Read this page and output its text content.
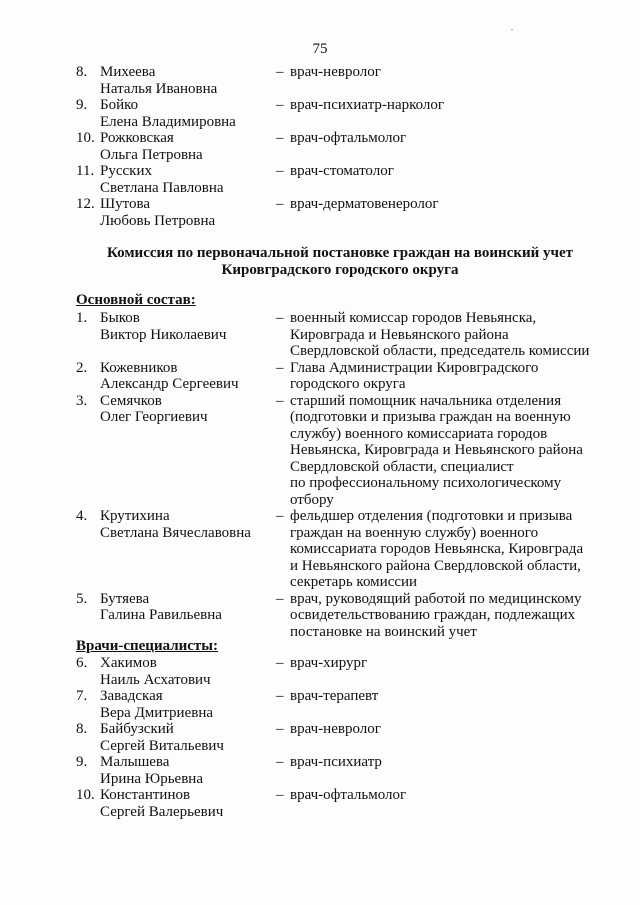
75
8. Михеева
Наталья Ивановна
– врач-невролог
9. Бойко
Елена Владимировна
– врач-психиатр-нарколог
10. Рожковская
Ольга Петровна
– врач-офтальмолог
11. Русских
Светлана Павловна
– врач-стоматолог
12. Шутова
Любовь Петровна
– врач-дерматовенеролог
Комиссия по первоначальной постановке граждан на воинский учет
Кировградского городского округа
Основной состав:
1. Быков
Виктор Николаевич
– военный комиссар городов Невьянска,
Кировграда и Невьянского района
Свердловской области, председатель комиссии
2. Кожевников
Александр Сергеевич
– Глава Администрации Кировградского
городского округа
3. Семячков
Олег Георгиевич
– старший помощник начальника отделения
(подготовки и призыва граждан на военную
службу) военного комиссариата городов
Невьянска, Кировграда и Невьянского района
Свердловской области, специалист
по профессиональному психологическому
отбору
4. Крутихина
Светлана Вячеславовна
– фельдшер отделения (подготовки и призыва
граждан на военную службу) военного
комиссариата городов Невьянска, Кировграда
и Невьянского района Свердловской области,
секретарь комиссии
5. Бутяева
Галина Равильевна
– врач, руководящий работой по медицинскому
освидетельствованию граждан, подлежащих
постановке на воинский учет
Врачи-специалисты:
6. Хакимов
Наиль Асхатович
– врач-хирург
7. Завадская
Вера Дмитриевна
– врач-терапевт
8. Байбузский
Сергей Витальевич
– врач-невролог
9. Малышева
Ирина Юрьевна
– врач-психиатр
10. Константинов
Сергей Валерьевич
– врач-офтальмолог
